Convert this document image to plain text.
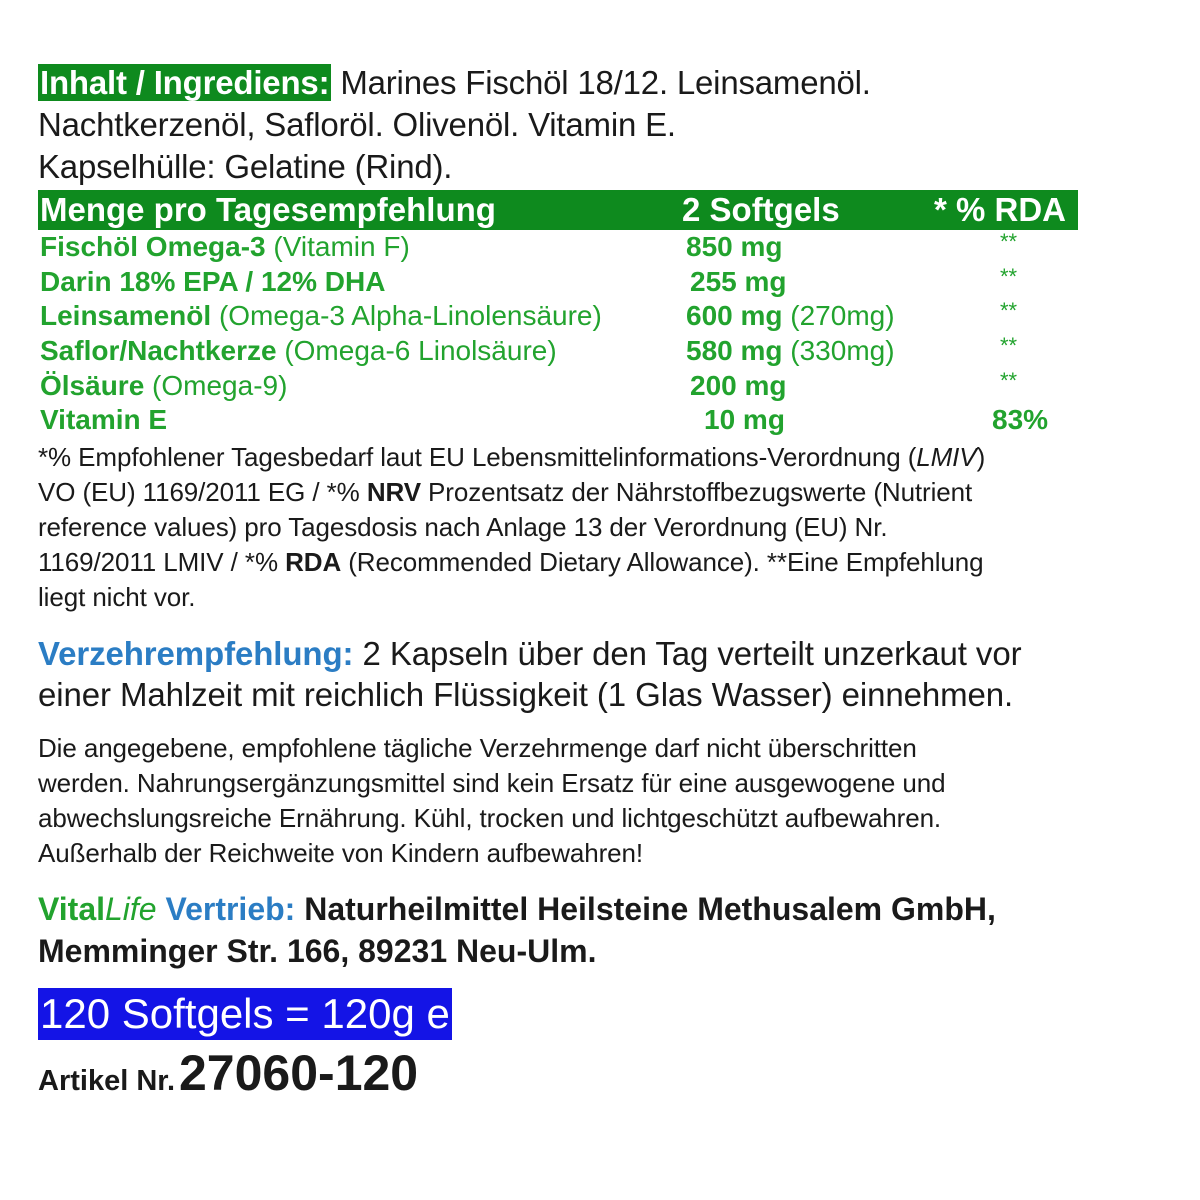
Inhalt / Ingrediens: Marines Fischöl 18/12. Leinsamenöl.
Nachtkerzenöl, Safloröl. Olivenöl. Vitamin E.
Kapselhülle: Gelatine (Rind).
Menge pro Tagesempfehlung	2 Softgels	* % RDA
Fischöl Omega-3 (Vitamin F)	850 mg	**
Darin 18% EPA / 12% DHA	255 mg	**
Leinsamenöl (Omega-3 Alpha-Linolensäure)	600 mg (270mg)	**
Saflor/Nachtkerze (Omega-6 Linolsäure)	580 mg (330mg)	**
Ölsäure (Omega-9)	200 mg	**
Vitamin E	10 mg	83%
*% Empfohlener Tagesbedarf laut EU Lebensmittelinformations-Verordnung (LMIV)
VO (EU) 1169/2011 EG / *% NRV Prozentsatz der Nährstoffbezugswerte (Nutrient
reference values) pro Tagesdosis nach Anlage 13 der Verordnung (EU) Nr.
1169/2011 LMIV / *% RDA (Recommended Dietary Allowance). **Eine Empfehlung
liegt nicht vor.
Verzehrempfehlung: 2 Kapseln über den Tag verteilt unzerkaut vor
einer Mahlzeit mit reichlich Flüssigkeit (1 Glas Wasser) einnehmen.
Die angegebene, empfohlene tägliche Verzehrmenge darf nicht überschritten
werden. Nahrungsergänzungsmittel sind kein Ersatz für eine ausgewogene und
abwechslungsreiche Ernährung. Kühl, trocken und lichtgeschützt aufbewahren.
Außerhalb der Reichweite von Kindern aufbewahren!
VitalLife Vertrieb: Naturheilmittel Heilsteine Methusalem GmbH,
Memminger Str. 166, 89231 Neu-Ulm.
120 Softgels = 120g e
Artikel Nr.27060-120
